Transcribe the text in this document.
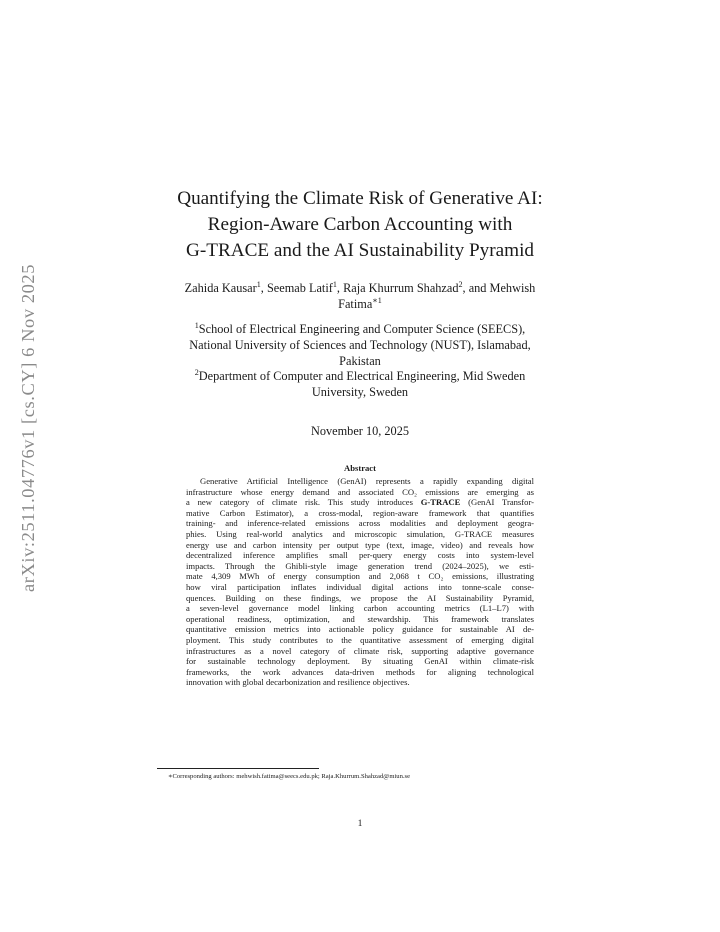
arXiv:2511.04776v1 [cs.CY] 6 Nov 2025
Quantifying the Climate Risk of Generative AI:
Region-Aware Carbon Accounting with
G-TRACE and the AI Sustainability Pyramid
Zahida Kausar$^1$, Seemab Latif$^1$, Raja Khurrum Shahzad$^2$, and Mehwish
Fatima$^{∗1}$
$^1$School of Electrical Engineering and Computer Science (SEECS),
National University of Sciences and Technology (NUST), Islamabad,
Pakistan
$^2$Department of Computer and Electrical Engineering, Mid Sweden
University, Sweden
November 10, 2025
Abstract
Generative Artificial Intelligence (GenAI) represents a rapidly expanding digital
infrastructure whose energy demand and associated CO₂ emissions are emerging as
a new category of climate risk. This study introduces G-TRACE (GenAI Transfor-
mative Carbon Estimator), a cross-modal, region-aware framework that quantifies
training- and inference-related emissions across modalities and deployment geogra-
phies. Using real-world analytics and microscopic simulation, G-TRACE measures
energy use and carbon intensity per output type (text, image, video) and reveals how
decentralized inference amplifies small per-query energy costs into system-level
impacts. Through the Ghibli-style image generation trend (2024–2025), we esti-
mate 4,309 MWh of energy consumption and 2,068 t CO₂ emissions, illustrating
how viral participation inflates individual digital actions into tonne-scale conse-
quences. Building on these findings, we propose the AI Sustainability Pyramid,
a seven-level governance model linking carbon accounting metrics (L1–L7) with
operational readiness, optimization, and stewardship. This framework translates
quantitative emission metrics into actionable policy guidance for sustainable AI de-
ployment. This study contributes to the quantitative assessment of emerging digital
infrastructures as a novel category of climate risk, supporting adaptive governance
for sustainable technology deployment. By situating GenAI within climate-risk
frameworks, the work advances data-driven methods for aligning technological
innovation with global decarbonization and resilience objectives.
∗Corresponding authors: mehwish.fatima@seecs.edu.pk; Raja.Khurrum.Shahzad@miun.se
1
